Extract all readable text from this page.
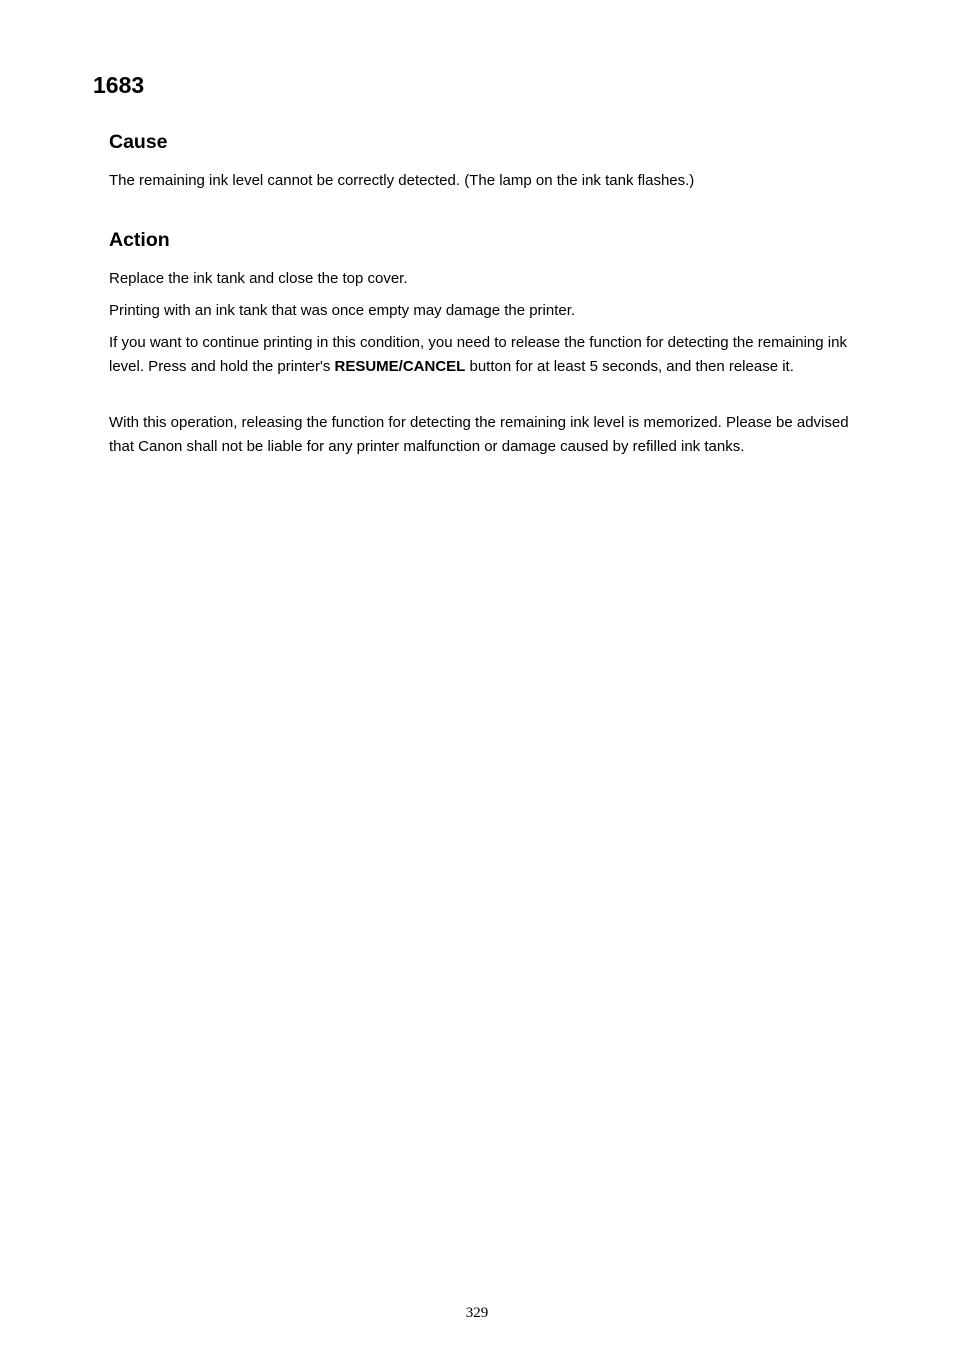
1683
Cause

The remaining ink level cannot be correctly detected. (The lamp on the ink tank flashes.)

Action

Replace the ink tank and close the top cover.

Printing with an ink tank that was once empty may damage the printer.

If you want to continue printing in this condition, you need to release the function for detecting the remaining ink level. Press and hold the printer's RESUME/CANCEL button for at least 5 seconds, and then release it.

With this operation, releasing the function for detecting the remaining ink level is memorized. Please be advised that Canon shall not be liable for any printer malfunction or damage caused by refilled ink tanks.

329
